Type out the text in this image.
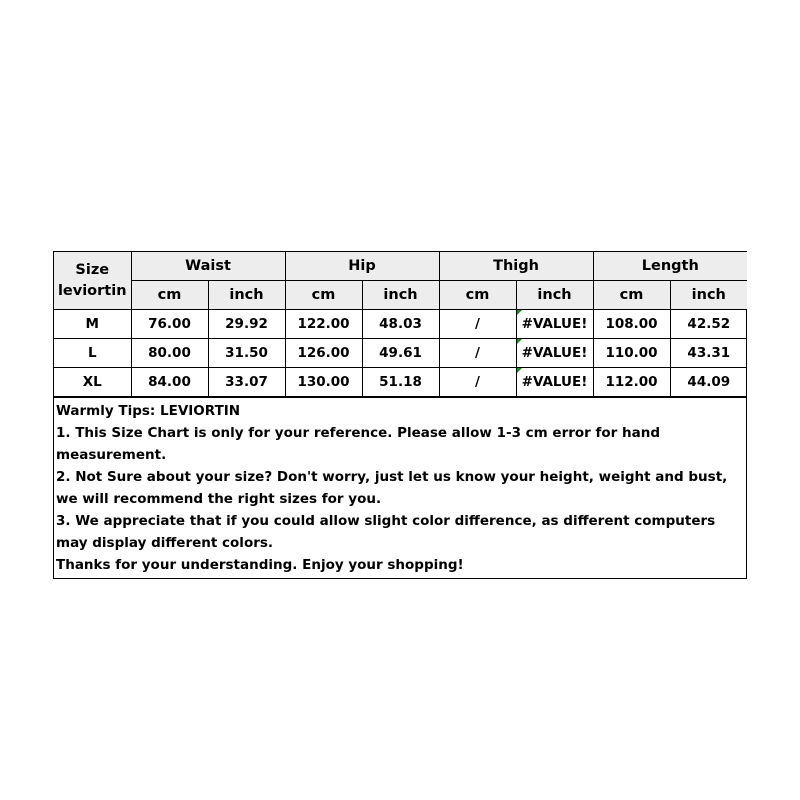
Size
leviortin	Waist		Hip		Thigh		Length	
	cm	inch	cm	inch	cm	inch	cm	inch
M	76.00	29.92	122.00	48.03	/	#VALUE!	108.00	42.52
L	80.00	31.50	126.00	49.61	/	#VALUE!	110.00	43.31
XL	84.00	33.07	130.00	51.18	/	#VALUE!	112.00	44.09
Warmly Tips: LEVIORTIN
1. This Size Chart is only for your reference. Please allow 1-3 cm error for hand measurement.
2. Not Sure about your size? Don't worry, just let us know your height, weight and bust, we will recommend the right sizes for you.
3. We appreciate that if you could allow slight color difference, as different computers may display different colors.
Thanks for your understanding. Enjoy your shopping!
